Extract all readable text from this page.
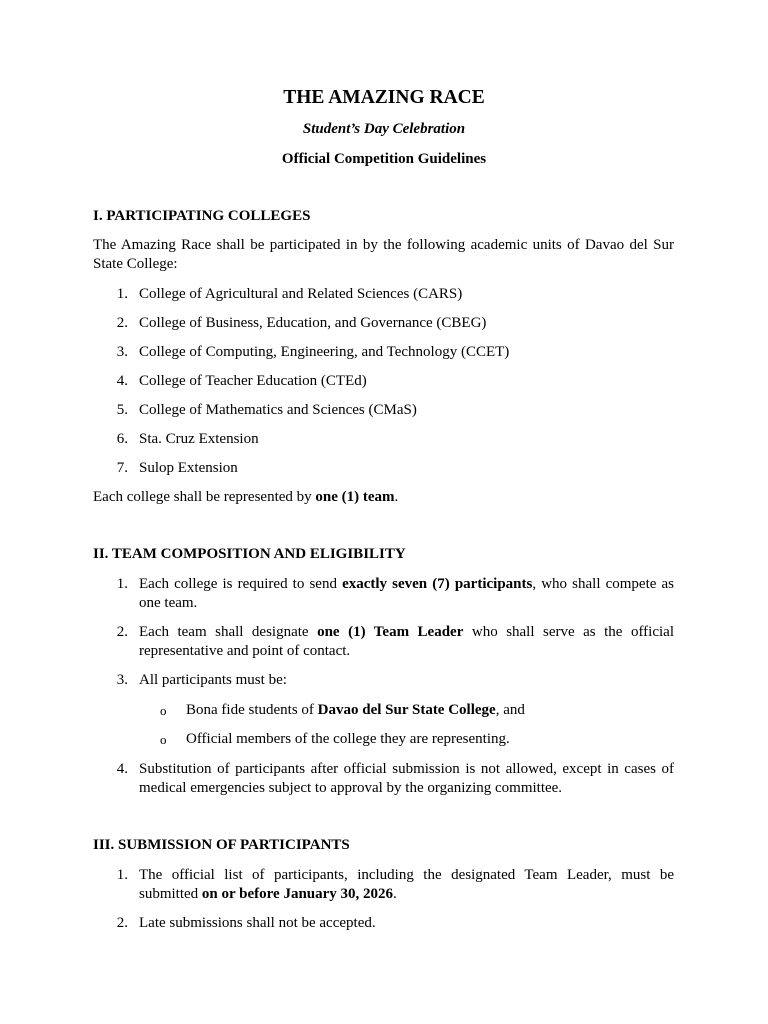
THE AMAZING RACE
Student’s Day Celebration
Official Competition Guidelines
I. PARTICIPATING COLLEGES
The Amazing Race shall be participated in by the following academic units of Davao del Sur
State College:
1. College of Agricultural and Related Sciences (CARS)
2. College of Business, Education, and Governance (CBEG)
3. College of Computing, Engineering, and Technology (CCET)
4. College of Teacher Education (CTEd)
5. College of Mathematics and Sciences (CMaS)
6. Sta. Cruz Extension
7. Sulop Extension
Each college shall be represented by one (1) team.
II. TEAM COMPOSITION AND ELIGIBILITY
1. Each college is required to send exactly seven (7) participants, who shall compete as
one team.
2. Each team shall designate one (1) Team Leader who shall serve as the official
representative and point of contact.
3. All participants must be:
o Bona fide students of Davao del Sur State College, and
o Official members of the college they are representing.
4. Substitution of participants after official submission is not allowed, except in cases of
medical emergencies subject to approval by the organizing committee.
III. SUBMISSION OF PARTICIPANTS
1. The official list of participants, including the designated Team Leader, must be
submitted on or before January 30, 2026.
2. Late submissions shall not be accepted.
